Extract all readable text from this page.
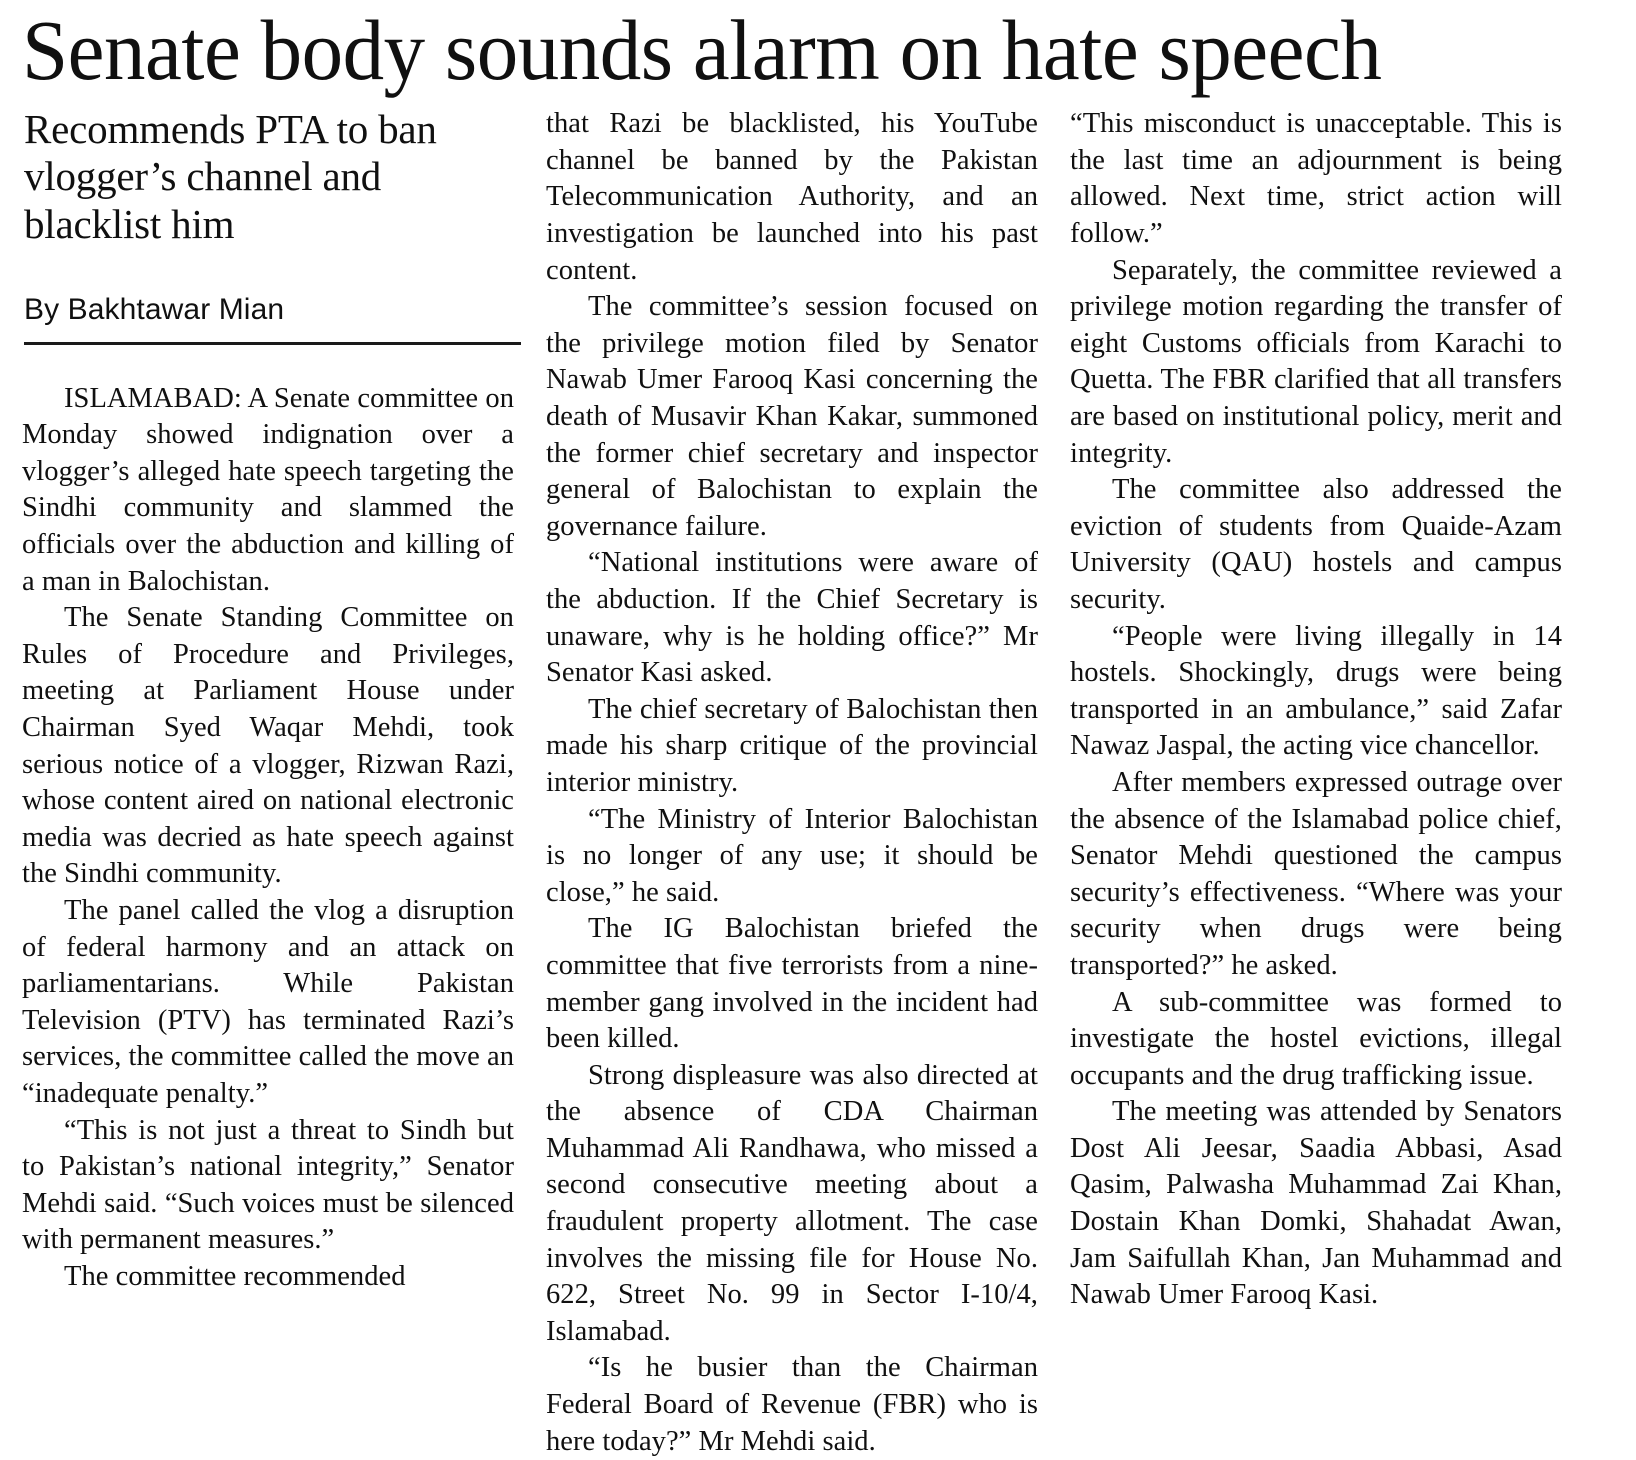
Senate body sounds alarm on hate speech
Recommends PTA to ban vlogger’s channel and blacklist him
By Bakhtawar Mian

ISLAMABAD: A Senate committee on Monday showed indignation over a vlogger’s alleged hate speech targeting the Sindhi community and slammed the officials over the abduction and killing of a man in Balochistan.

The Senate Standing Committee on Rules of Procedure and Privileges, meeting at Parliament House under Chairman Syed Waqar Mehdi, took serious notice of a vlogger, Rizwan Razi, whose content aired on national electronic media was decried as hate speech against the Sindhi community.

The panel called the vlog a disruption of federal harmony and an attack on parliamentarians. While Pakistan Television (PTV) has terminated Razi’s services, the committee called the move an “inadequate penalty.”

“This is not just a threat to Sindh but to Pakistan’s national integrity,” Senator Mehdi said. “Such voices must be silenced with permanent measures.”

The committee recommended

that Razi be blacklisted, his YouTube channel be banned by the Pakistan Telecommunication Authority, and an investigation be launched into his past content.

The committee’s session focused on the privilege motion filed by Senator Nawab Umer Farooq Kasi concerning the death of Musavir Khan Kakar, summoned the former chief secretary and inspector general of Balochistan to explain the governance failure.

“National institutions were aware of the abduction. If the Chief Secretary is unaware, why is he holding office?” Mr Senator Kasi asked.

The chief secretary of Balochistan then made his sharp critique of the provincial interior ministry.

“The Ministry of Interior Balochistan is no longer of any use; it should be close,” he said.

The IG Balochistan briefed the committee that five terrorists from a nine-member gang involved in the incident had been killed.

Strong displeasure was also directed at the absence of CDA Chairman Muhammad Ali Randhawa, who missed a second consecutive meeting about a fraudulent property allotment. The case involves the missing file for House No. 622, Street No. 99 in Sector I-10/4, Islamabad.

“Is he busier than the Chairman Federal Board of Revenue (FBR) who is here today?” Mr Mehdi said.

“This misconduct is unacceptable. This is the last time an adjournment is being allowed. Next time, strict action will follow.”

Separately, the committee reviewed a privilege motion regarding the transfer of eight Customs officials from Karachi to Quetta. The FBR clarified that all transfers are based on institutional policy, merit and integrity.

The committee also addressed the eviction of students from Quaide-Azam University (QAU) hostels and campus security.

“People were living illegally in 14 hostels. Shockingly, drugs were being transported in an ambulance,” said Zafar Nawaz Jaspal, the acting vice chancellor.

After members expressed outrage over the absence of the Islamabad police chief, Senator Mehdi questioned the campus security’s effectiveness. “Where was your security when drugs were being transported?” he asked.

A sub-committee was formed to investigate the hostel evictions, illegal occupants and the drug trafficking issue.

The meeting was attended by Senators Dost Ali Jeesar, Saadia Abbasi, Asad Qasim, Palwasha Muhammad Zai Khan, Dostain Khan Domki, Shahadat Awan, Jam Saifullah Khan, Jan Muhammad and Nawab Umer Farooq Kasi.
